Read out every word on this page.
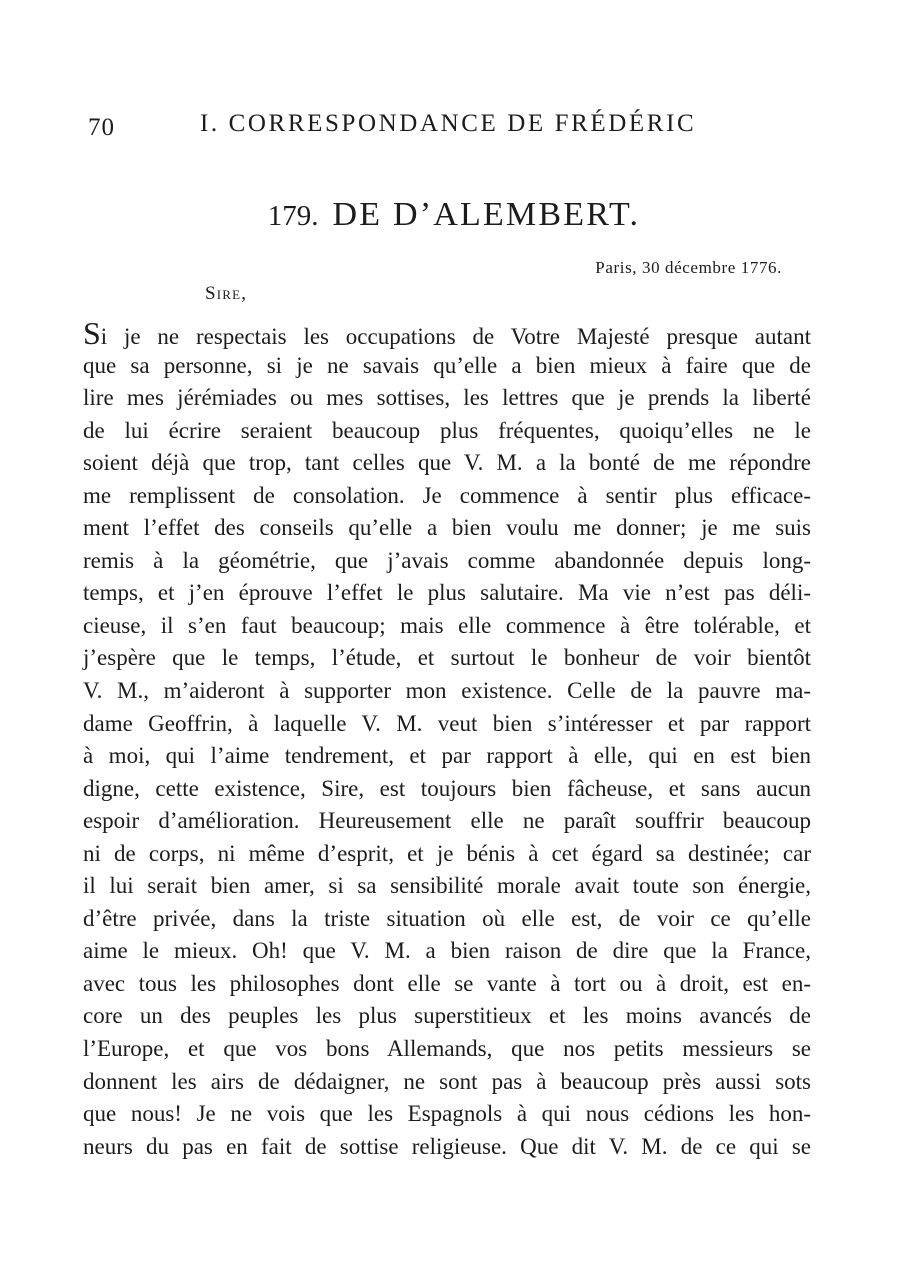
70	I. CORRESPONDANCE DE FRÉDÉRIC
179. DE D’ALEMBERT.
Paris, 30 décembre 1776.
Sire,
Si je ne respectais les occupations de Votre Majesté presque autant
que sa personne, si je ne savais qu’elle a bien mieux à faire que de
lire mes jérémiades ou mes sottises, les lettres que je prends la liberté
de lui écrire seraient beaucoup plus fréquentes, quoiqu’elles ne le
soient déjà que trop, tant celles que V. M. a la bonté de me répondre
me remplissent de consolation. Je commence à sentir plus efficace-
ment l’effet des conseils qu’elle a bien voulu me donner; je me suis
remis à la géométrie, que j’avais comme abandonnée depuis long-
temps, et j’en éprouve l’effet le plus salutaire. Ma vie n’est pas déli-
cieuse, il s’en faut beaucoup; mais elle commence à être tolérable, et
j’espère que le temps, l’étude, et surtout le bonheur de voir bientôt
V. M., m’aideront à supporter mon existence. Celle de la pauvre ma-
dame Geoffrin, à laquelle V. M. veut bien s’intéresser et par rapport
à moi, qui l’aime tendrement, et par rapport à elle, qui en est bien
digne, cette existence, Sire, est toujours bien fâcheuse, et sans aucun
espoir d’amélioration. Heureusement elle ne paraît souffrir beaucoup
ni de corps, ni même d’esprit, et je bénis à cet égard sa destinée; car
il lui serait bien amer, si sa sensibilité morale avait toute son énergie,
d’être privée, dans la triste situation où elle est, de voir ce qu’elle
aime le mieux. Oh! que V. M. a bien raison de dire que la France,
avec tous les philosophes dont elle se vante à tort ou à droit, est en-
core un des peuples les plus superstitieux et les moins avancés de
l’Europe, et que vos bons Allemands, que nos petits messieurs se
donnent les airs de dédaigner, ne sont pas à beaucoup près aussi sots
que nous! Je ne vois que les Espagnols à qui nous cédions les hon-
neurs du pas en fait de sottise religieuse. Que dit V. M. de ce qui se
